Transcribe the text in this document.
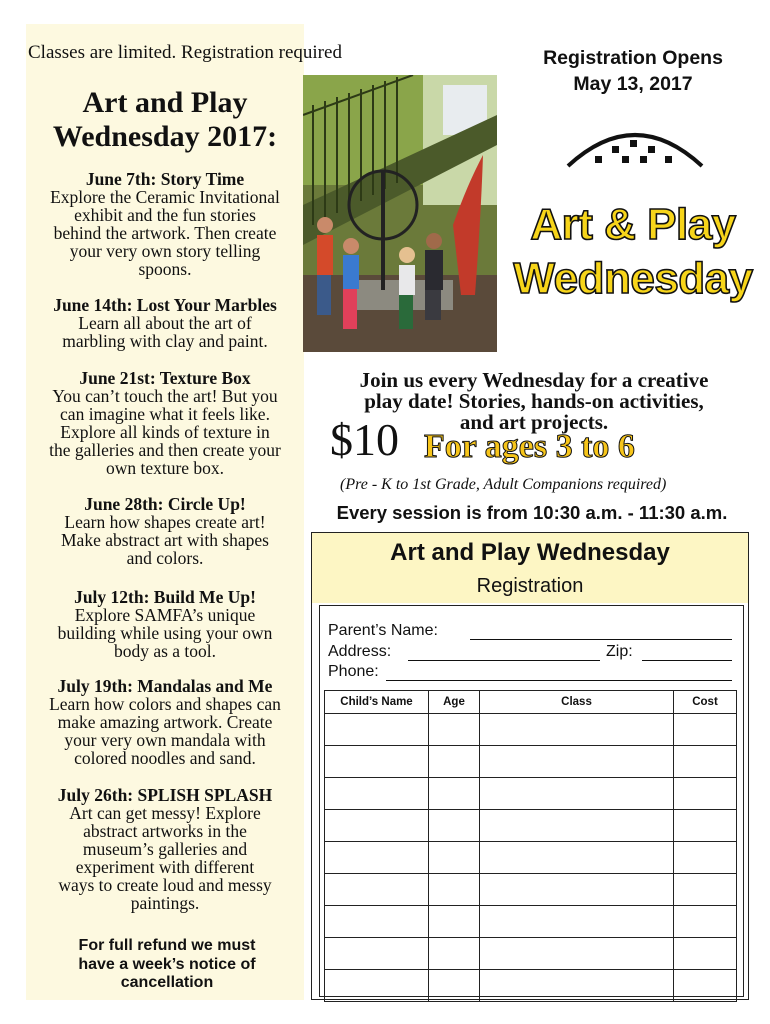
Classes are limited. Registration required
Art and Play
Wednesday 2017:
June 7th: Story Time
Explore the Ceramic Invitational
exhibit and the fun stories
behind the artwork. Then create
your very own story telling
spoons.
June 14th: Lost Your Marbles
Learn all about the art of
marbling with clay and paint.
June 21st: Texture Box
You can’t touch the art! But you
can imagine what it feels like.
Explore all kinds of texture in
the galleries and then create your
own texture box.
June 28th: Circle Up!
Learn how shapes create art!
Make abstract art with shapes
and colors.
July 12th: Build Me Up!
Explore SAMFA’s unique
building while using your own
body as a tool.
July 19th: Mandalas and Me
Learn how colors and shapes can
make amazing artwork. Create
your very own mandala with
colored noodles and sand.
July 26th: SPLISH SPLASH
Art can get messy! Explore
abstract artworks in the
museum’s galleries and
experiment with different
ways to create loud and messy
paintings.
For full refund we must
have a week’s notice of
cancellation
Registration Opens
May 13, 2017
Art & Play
Wednesday
Join us every Wednesday for a creative
play date! Stories, hands-on activities,
and art projects.
$10 For ages 3 to 6
(Pre - K to 1st Grade, Adult Companions required)
Every session is from 10:30 a.m. - 11:30 a.m.
Art and Play Wednesday
Registration
Parent’s Name:
Address:	Zip:
Phone:
Child’s Name	Age	Class	Cost
